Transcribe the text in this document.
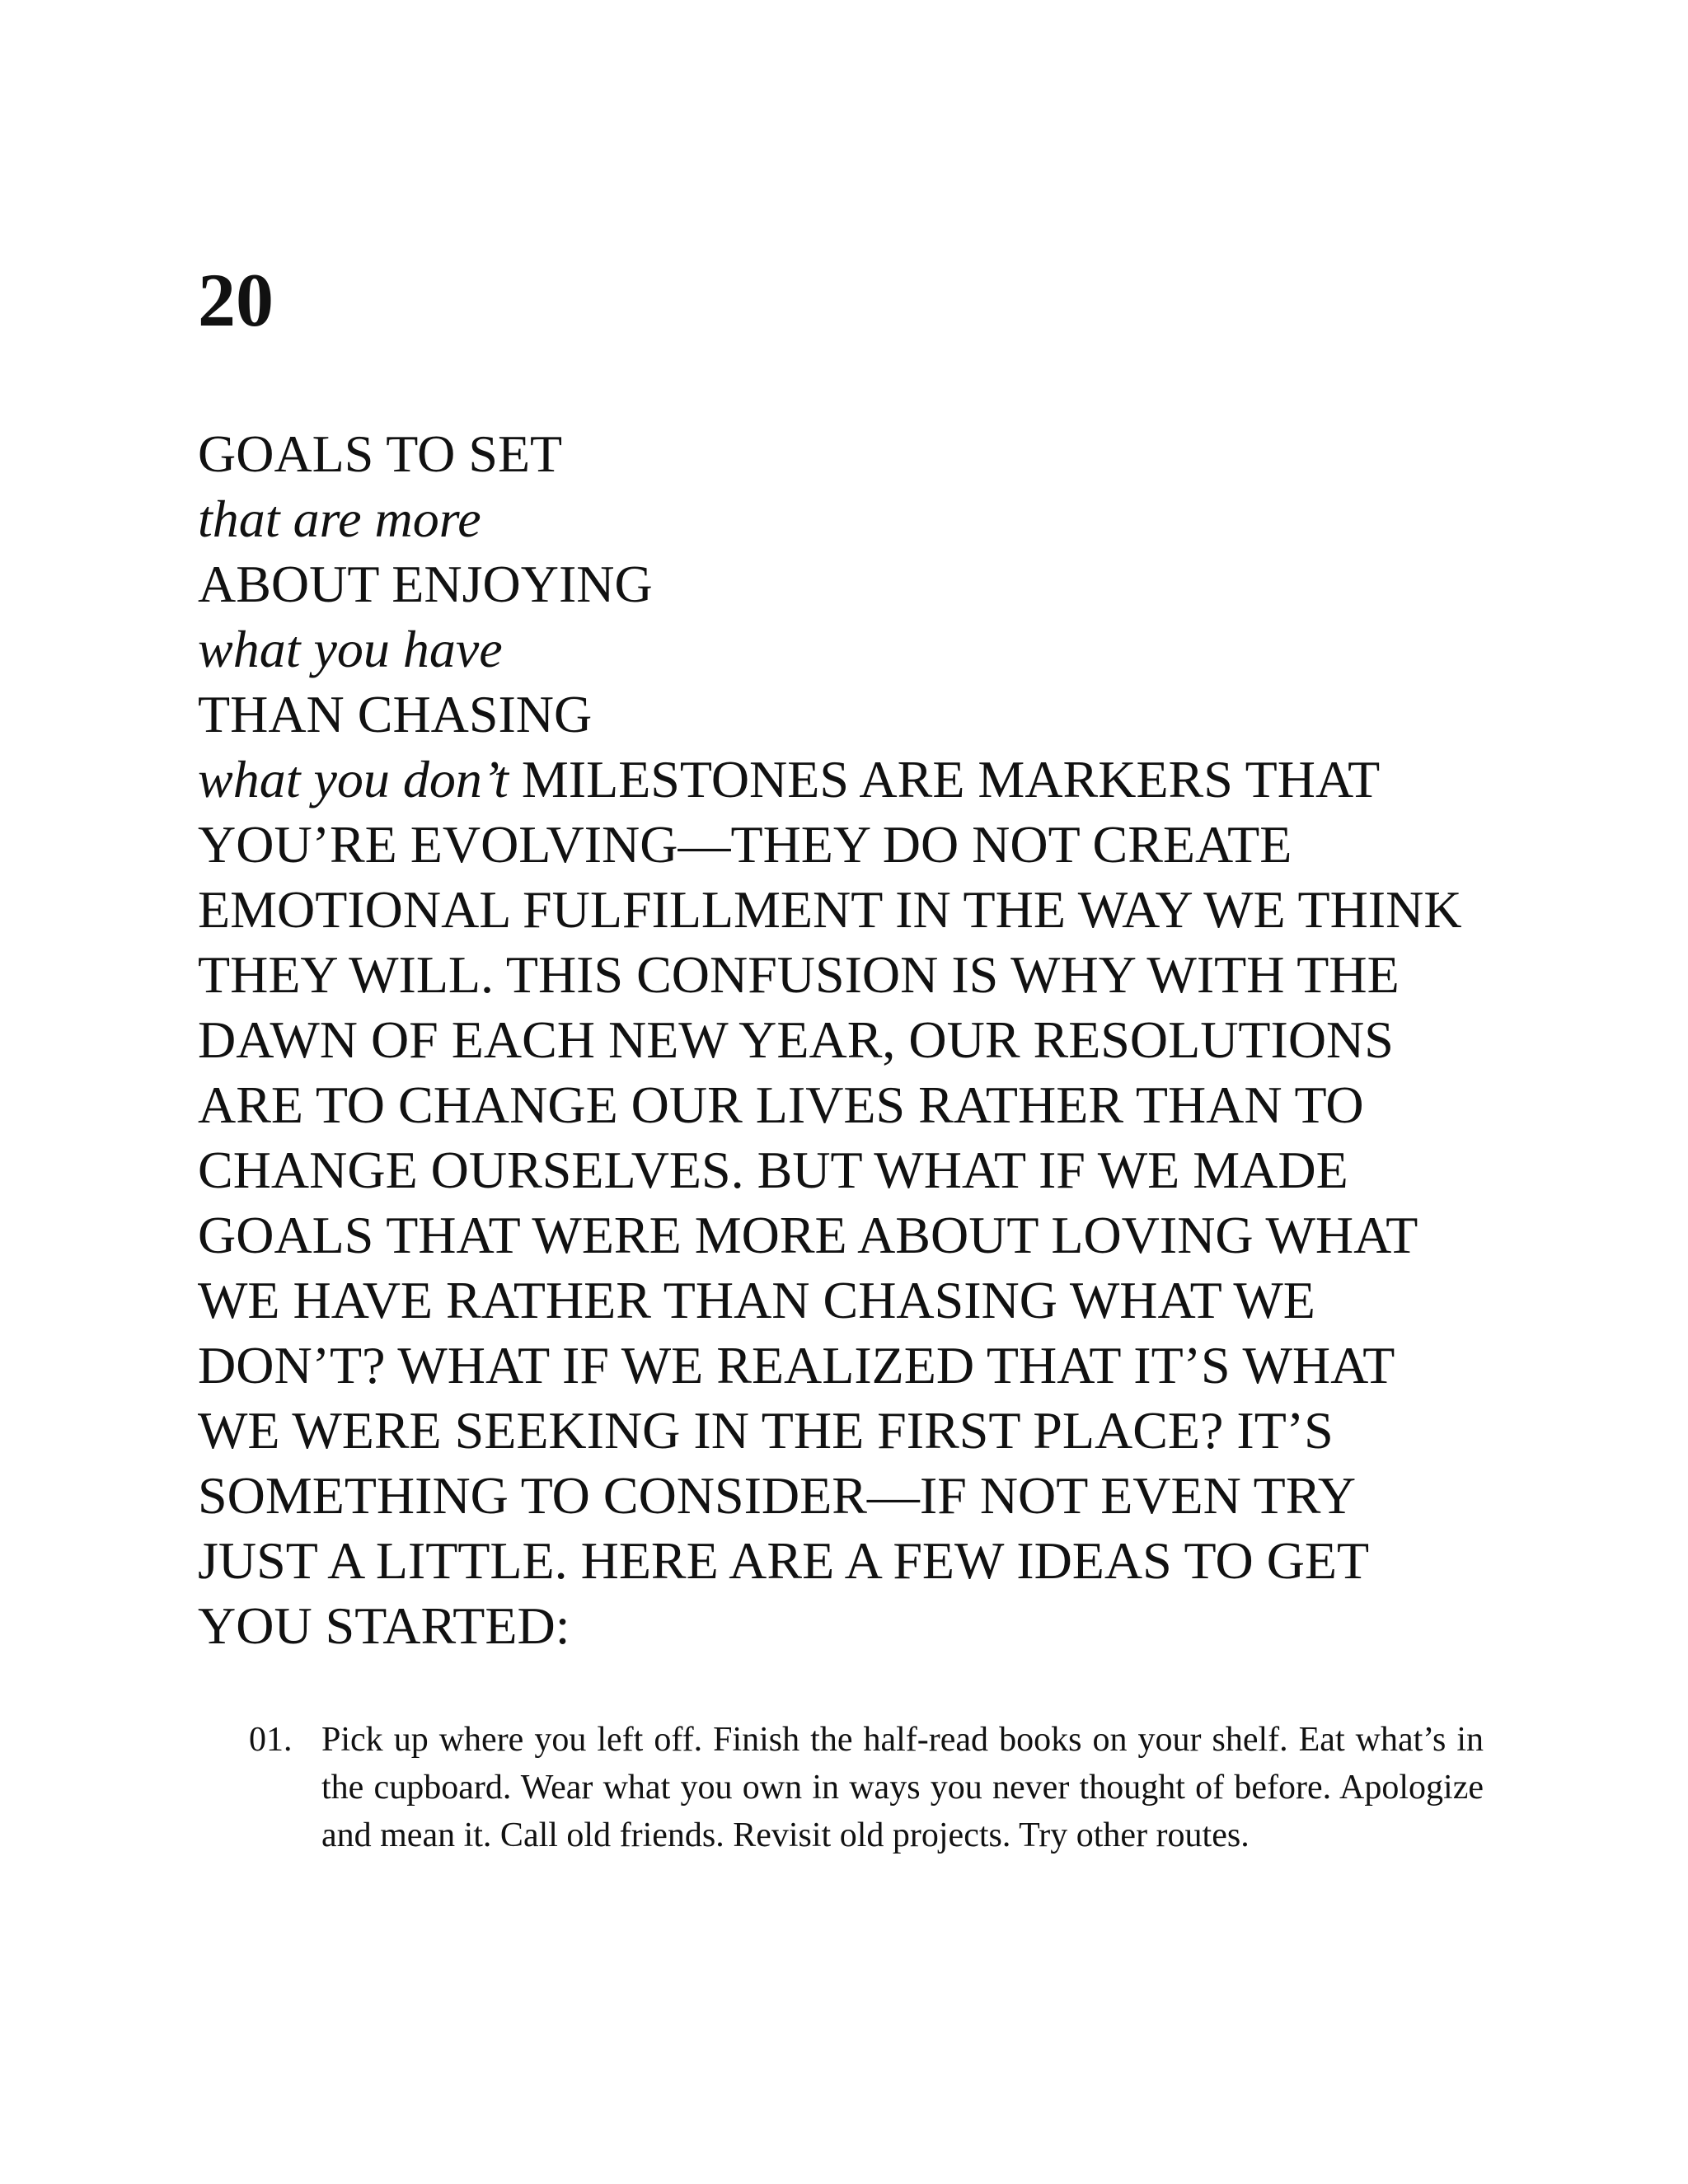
20
GOALS TO SET
that are more
ABOUT ENJOYING
what you have
THAN CHASING
what you don’t MILESTONES ARE MARKERS THAT YOU’RE EVOLVING—THEY DO NOT CREATE EMOTIONAL FULFILLMENT IN THE WAY WE THINK THEY WILL. THIS CONFUSION IS WHY WITH THE DAWN OF EACH NEW YEAR, OUR RESOLUTIONS ARE TO CHANGE OUR LIVES RATHER THAN TO CHANGE OURSELVES. BUT WHAT IF WE MADE GOALS THAT WERE MORE ABOUT LOVING WHAT WE HAVE RATHER THAN CHASING WHAT WE DON’T? WHAT IF WE REALIZED THAT IT’S WHAT WE WERE SEEKING IN THE FIRST PLACE? IT’S SOMETHING TO CONSIDER—IF NOT EVEN TRY JUST A LITTLE. HERE ARE A FEW IDEAS TO GET YOU STARTED:
01. Pick up where you left off. Finish the half-read books on your shelf. Eat what’s in the cupboard. Wear what you own in ways you never thought of before. Apologize and mean it. Call old friends. Revisit old projects. Try other routes.
